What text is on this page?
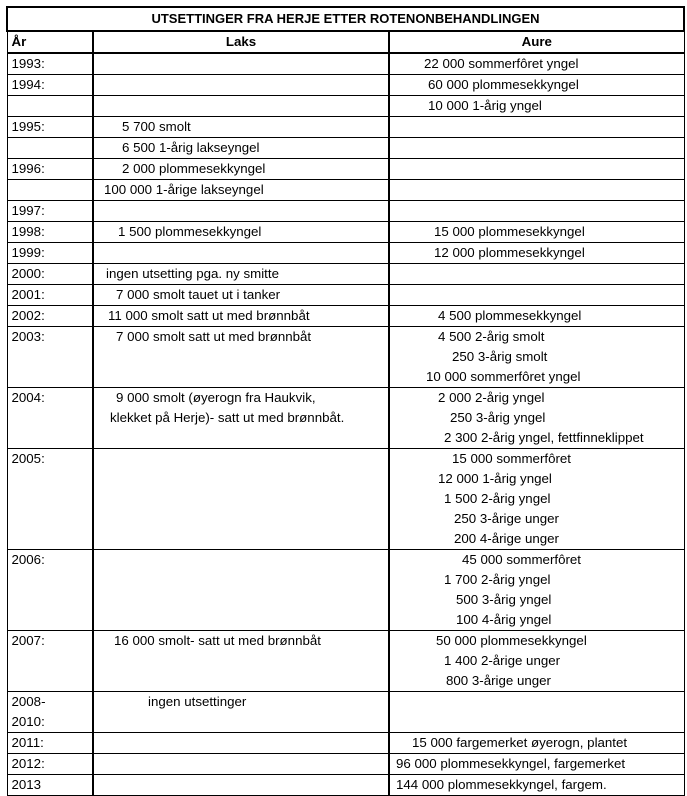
UTSETTINGER FRA HERJE ETTER ROTENONBEHANDLINGEN		
År	Laks	Aure

1993:		22 000 sommerfôret yngel

1994:		60 000 plommesekkyngel

		10 000 1-årig yngel

1995:	5 700 smolt	

	6 500 1-årig lakseyngel	

1996:	2 000 plommesekkyngel	

	100 000 1-årige lakseyngel	

1997:		

1998:	1 500 plommesekkyngel	15 000 plommesekkyngel

1999:		12 000 plommesekkyngel

2000:	ingen utsetting pga. ny smitte	

2001:	7 000 smolt tauet ut i tanker	

2002:	11 000 smolt satt ut med brønnbåt	4 500 plommesekkyngel

2003:	7 000 smolt satt ut med brønnbåt	4 500 2-årig smolt
250 3-årig smolt
10 000 sommerfôret yngel

2004:	9 000 smolt (øyerogn fra Haukvik,
klekket på Herje)- satt ut med brønnbåt.	2 000 2-årig yngel
250 3-årig yngel
2 300 2-årig yngel, fettfinneklippet

2005:		15 000 sommerfôret
12 000 1-årig yngel
1 500 2-årig yngel
250 3-årige unger
200 4-årige unger

2006:		45 000 sommerfôret
1 700 2-årig yngel
500 3-årig yngel
100 4-årig yngel

2007:	16 000 smolt- satt ut med brønnbåt	50 000 plommesekkyngel
1 400 2-årige unger
800 3-årige unger

2008-
2010:	ingen utsettinger	

2011:		15 000 fargemerket øyerogn, plantet

2012:		96 000 plommesekkyngel, fargemerket

2013		144 000 plommesekkyngel, fargem.
